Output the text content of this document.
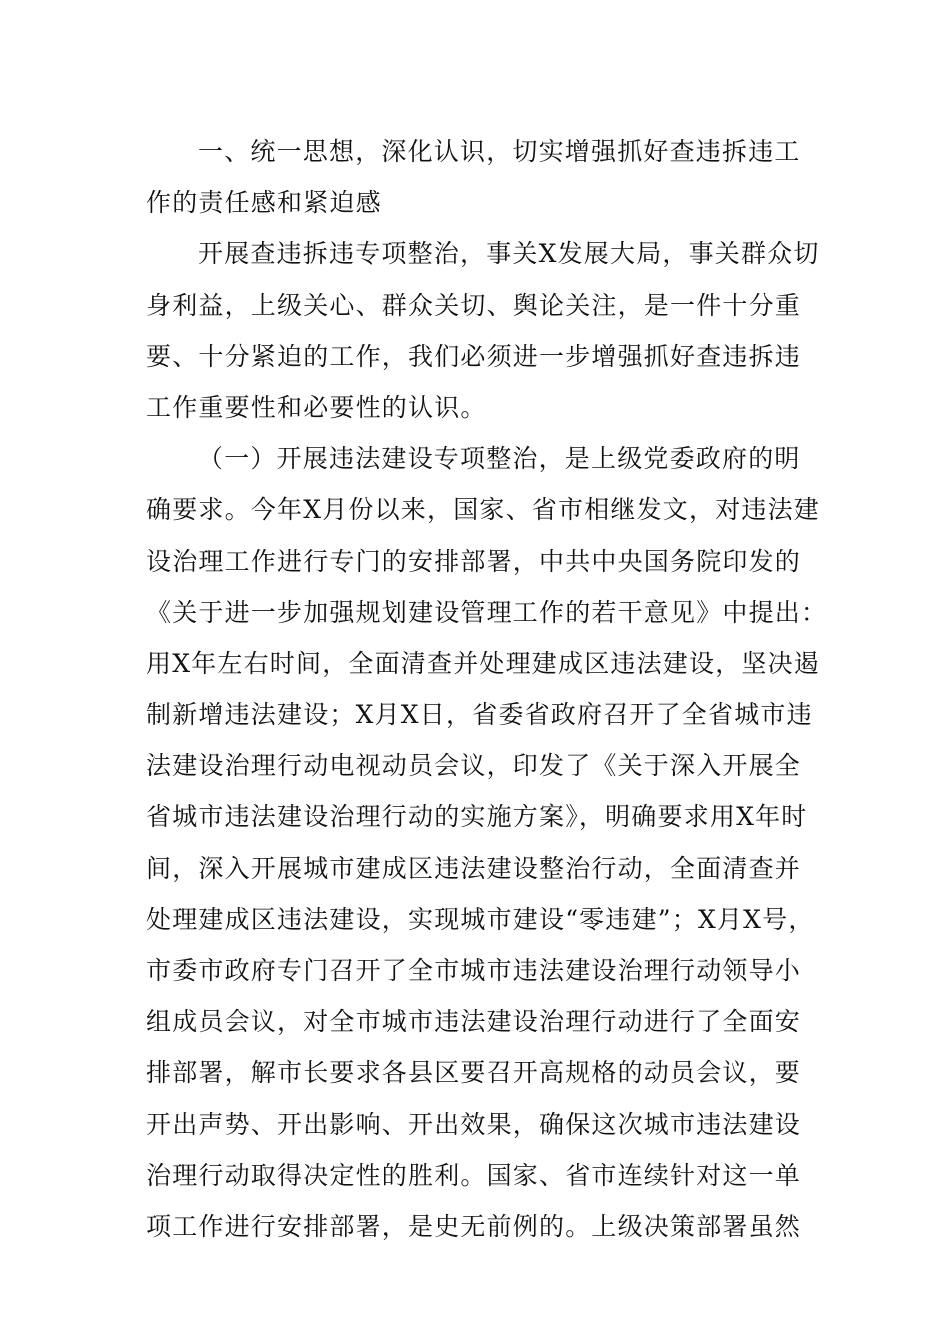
一、统一思想，深化认识，切实增强抓好查违拆违工
作的责任感和紧迫感
开展查违拆违专项整治，事关X发展大局，事关群众切
身利益，上级关心、群众关切、舆论关注，是一件十分重
要、十分紧迫的工作，我们必须进一步增强抓好查违拆违
工作重要性和必要性的认识。
（一）开展违法建设专项整治，是上级党委政府的明
确要求。今年X月份以来，国家、省市相继发文，对违法建
设治理工作进行专门的安排部署，中共中央国务院印发的
《关于进一步加强规划建设管理工作的若干意见》中提出：
用X年左右时间，全面清查并处理建成区违法建设，坚决遏
制新增违法建设；X月X日，省委省政府召开了全省城市违
法建设治理行动电视动员会议，印发了《关于深入开展全
省城市违法建设治理行动的实施方案》，明确要求用X年时
间，深入开展城市建成区违法建设整治行动，全面清查并
处理建成区违法建设，实现城市建设“零违建”；X月X号，
市委市政府专门召开了全市城市违法建设治理行动领导小
组成员会议，对全市城市违法建设治理行动进行了全面安
排部署，解市长要求各县区要召开高规格的动员会议，要
开出声势、开出影响、开出效果，确保这次城市违法建设
治理行动取得决定性的胜利。国家、省市连续针对这一单
项工作进行安排部署，是史无前例的。上级决策部署虽然
